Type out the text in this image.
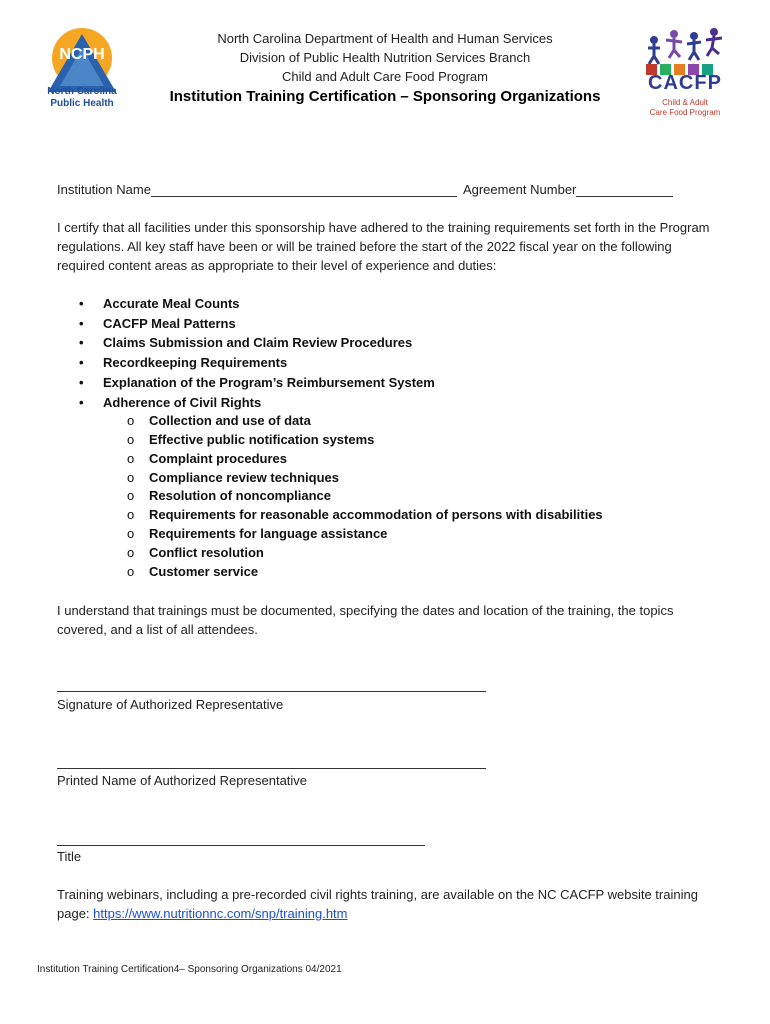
NCPH
North Carolina
Public Health
North Carolina Department of Health and Human Services
Division of Public Health Nutrition Services Branch
Child and Adult Care Food Program
Institution Training Certification – Sponsoring Organizations
CACFP
Child & Adult
Care Food Program
Institution Name	Agreement Number
I certify that all facilities under this sponsorship have adhered to the training requirements set forth in the Program regulations. All key staff have been or will be trained before the start of the 2022 fiscal year on the following required content areas as appropriate to their level of experience and duties:
• Accurate Meal Counts
• CACFP Meal Patterns
• Claims Submission and Claim Review Procedures
• Recordkeeping Requirements
• Explanation of the Program’s Reimbursement System
• Adherence of Civil Rights
o Collection and use of data
o Effective public notification systems
o Complaint procedures
o Compliance review techniques
o Resolution of noncompliance
o Requirements for reasonable accommodation of persons with disabilities
o Requirements for language assistance
o Conflict resolution
o Customer service
I understand that trainings must be documented, specifying the dates and location of the training, the topics covered, and a list of all attendees.
Signature of Authorized Representative
Printed Name of Authorized Representative
Title
Training webinars, including a pre-recorded civil rights training, are available on the NC CACFP website training page: https://www.nutritionnc.com/snp/training.htm
Institution Training Certification4– Sponsoring Organizations 04/2021
